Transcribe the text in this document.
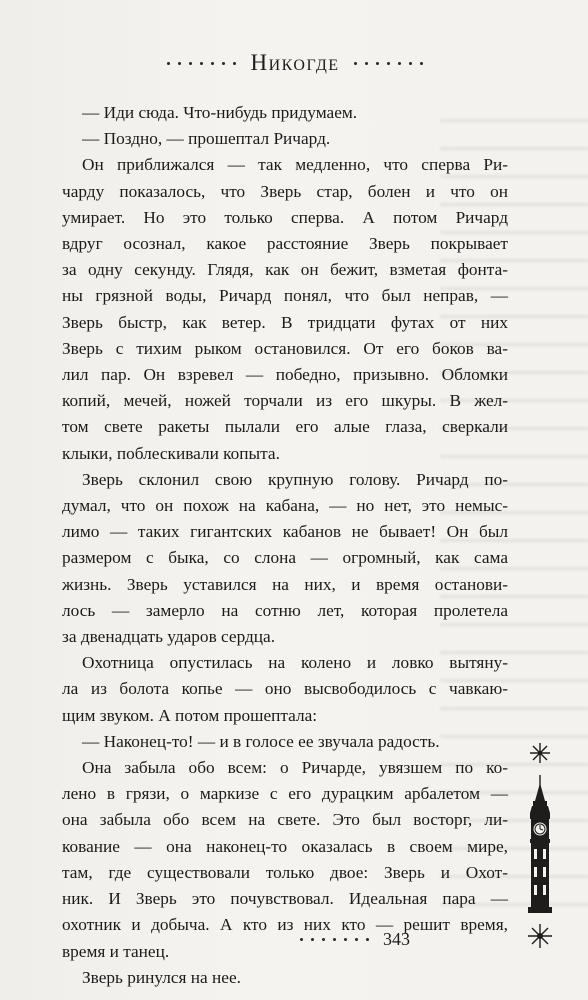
Никогде
— Иди сюда. Что-нибудь придумаем.
— Поздно, — прошептал Ричард.
Он приближался — так медленно, что сперва Ри-
чарду показалось, что Зверь стар, болен и что он
умирает. Но это только сперва. А потом Ричард
вдруг осознал, какое расстояние Зверь покрывает
за одну секунду. Глядя, как он бежит, взметая фонта-
ны грязной воды, Ричард понял, что был неправ, —
Зверь быстр, как ветер. В тридцати футах от них
Зверь с тихим рыком остановился. От его боков ва-
лил пар. Он взревел — победно, призывно. Обломки
копий, мечей, ножей торчали из его шкуры. В жел-
том свете ракеты пылали его алые глаза, сверкали
клыки, поблескивали копыта.
Зверь склонил свою крупную голову. Ричард по-
думал, что он похож на кабана, — но нет, это немыс-
лимо — таких гигантских кабанов не бывает! Он был
размером с быка, со слона — огромный, как сама
жизнь. Зверь уставился на них, и время останови-
лось — замерло на сотню лет, которая пролетела
за двенадцать ударов сердца.
Охотница опустилась на колено и ловко вытяну-
ла из болота копье — оно высвободилось с чавкаю-
щим звуком. А потом прошептала:
— Наконец-то! — и в голосе ее звучала радость.
Она забыла обо всем: о Ричарде, увязшем по ко-
лено в грязи, о маркизе с его дурацким арбалетом —
она забыла обо всем на свете. Это был восторг, ли-
кование — она наконец-то оказалась в своем мире,
там, где существовали только двое: Зверь и Охот-
ник. И Зверь это почувствовал. Идеальная пара —
охотник и добыча. А кто из них кто — решит время,
время и танец.
Зверь ринулся на нее.
343
